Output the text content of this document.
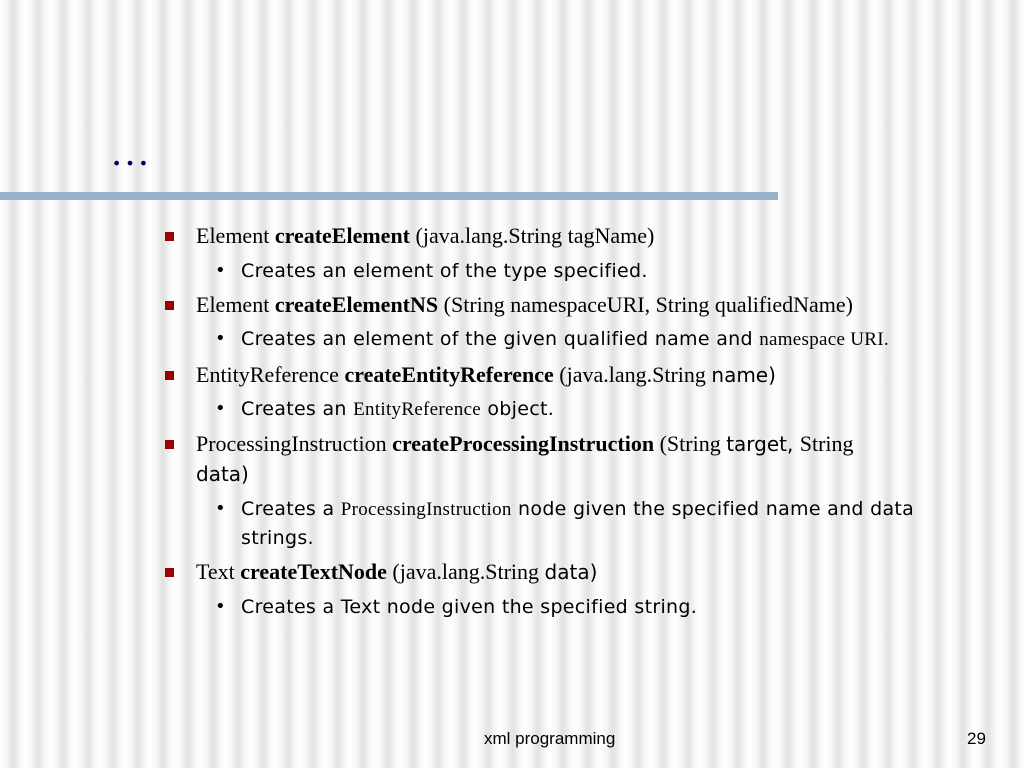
…
Element createElement (java.lang.String tagName)
• Creates an element of the type specified.
Element createElementNS (String namespaceURI, String qualifiedName)
• Creates an element of the given qualified name and namespace URI.
EntityReference createEntityReference (java.lang.String name)
• Creates an EntityReference object.
ProcessingInstruction createProcessingInstruction (String target, String
data)
• Creates a ProcessingInstruction node given the specified name and data
strings.
Text createTextNode (java.lang.String data)
• Creates a Text node given the specified string.
xml programming	29
